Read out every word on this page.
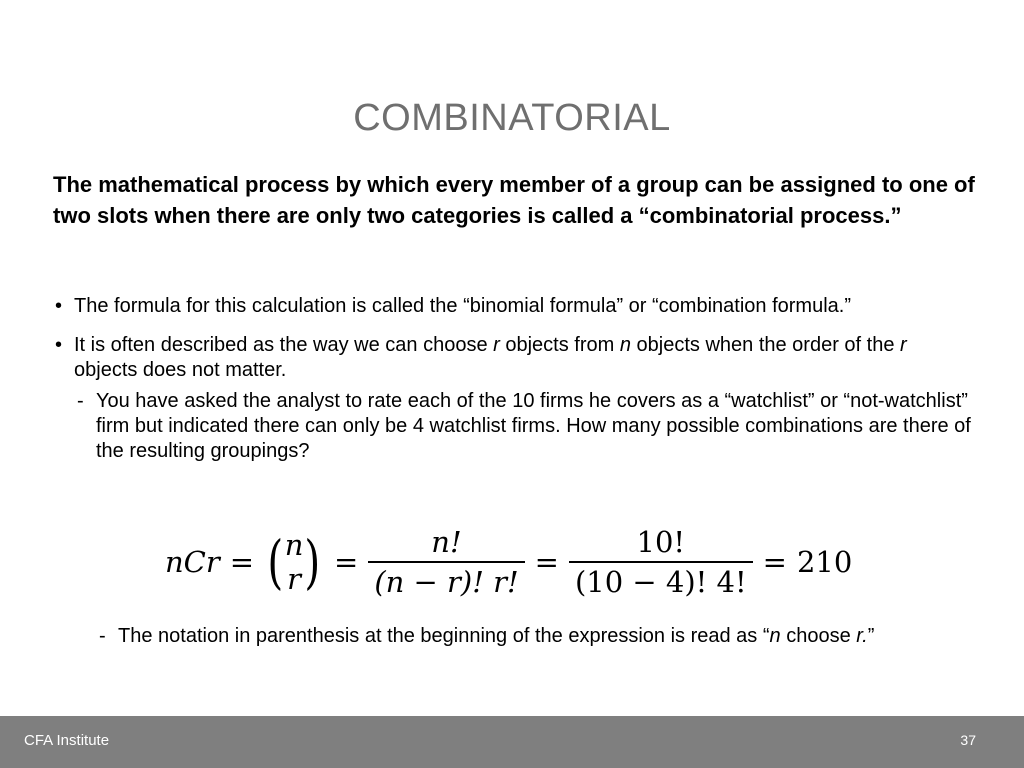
COMBINATORIAL
The mathematical process by which every member of a group can be assigned to one of two slots when there are only two categories is called a “combinatorial process.”
• The formula for this calculation is called the “binomial formula” or “combination formula.”
• It is often described as the way we can choose r objects from n objects when the order of the r objects does not matter.
- You have asked the analyst to rate each of the 10 firms he covers as a “watchlist” or “not-watchlist” firm but indicated there can only be 4 watchlist firms. How many possible combinations are there of the resulting groupings?
nCr = ( n
r ) = $\frac{n!}{(n - r)! r!} = \frac{10!}{(10 - 4)! 4!} = 210$
- The notation in parenthesis at the beginning of the expression is read as “n choose r.”
CFA Institute	37
